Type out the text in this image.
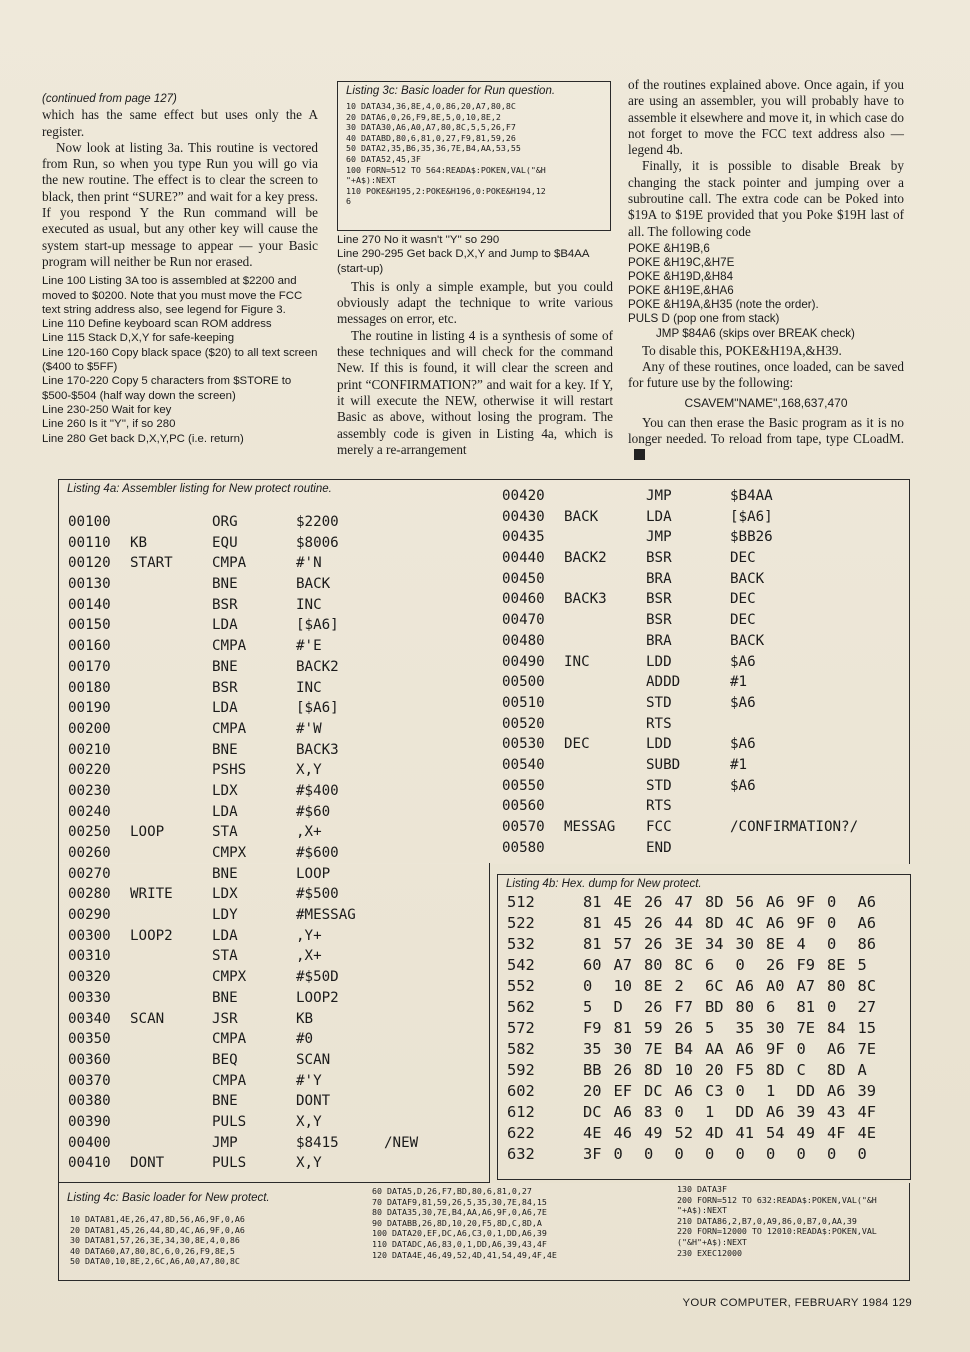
(continued from page 127)

which has the same effect but uses only the A register.

Now look at listing 3a. This routine is vectored from Run, so when you type Run you will go via the new routine. The effect is to clear the screen to black, then print “SURE?” and wait for a key press. If you respond Y the Run command will be executed as usual, but any other key will cause the system start-up message to appear — your Basic program will neither be Run nor erased.

Line 100 Listing 3A too is assembled at $2200 and moved to $0200. Note that you must move the FCC text string address also, see legend for Figure 3.
Line 110 Define keyboard scan ROM address
Line 115 Stack D,X,Y for safe-keeping
Line 120-160 Copy black space ($20) to all text screen ($400 to $5FF)
Line 170-220 Copy 5 characters from $STORE to $500-$504 (half way down the screen)
Line 230-250 Wait for key
Line 260 Is it ''Y'', if so 280
Line 280 Get back D,X,Y,PC (i.e. return)
Listing 3c: Basic loader for Run question.
10 DATA34,36,8E,4,0,86,20,A7,80,8C
20 DATA6,0,26,F9,8E,5,0,10,8E,2
30 DATA30,A6,A0,A7,80,8C,5,5,26,F7
40 DATABD,80,6,81,0,27,F9,81,59,26
50 DATA2,35,B6,35,36,7E,B4,AA,53,55
60 DATA52,45,3F
100 FORN=512 TO 564:READA$:POKEN,VAL("&H
"+A$):NEXT
110 POKE&H195,2:POKE&H196,0:POKE&H194,12
6
Line 270 No it wasn't ''Y'' so 290
Line 290-295 Get back D,X,Y and Jump to $B4AA (start-up)

This is only a simple example, but you could obviously adapt the technique to write various messages on error, etc.

The routine in listing 4 is a synthesis of some of these techniques and will check for the command New. If this is found, it will clear the screen and print “CONFIRMATION?” and wait for a key. If Y, it will execute the NEW, otherwise it will restart Basic as above, without losing the program. The assembly code is given in Listing 4a, which is merely a re-arrangement

of the routines explained above. Once again, if you are using an assembler, you will probably have to assemble it elsewhere and move it, in which case do not forget to move the FCC text address also — legend 4b.

Finally, it is possible to disable Break by changing the stack pointer and jumping over a subroutine call. The extra code can be Poked into $19A to $19E provided that you Poke $19H last of all. The following code

POKE &H19B,6
POKE &H19C,&H7E
POKE &H19D,&H84
POKE &H19E,&HA6
POKE &H19A,&H35 (note the order).
PULS D (pop one from stack)
JMP $84A6 (skips over BREAK check)

To disable this, POKE&H19A,&H39.

Any of these routines, once loaded, can be saved for future use by the following:

CSAVEM"NAME",168,637,470

You can then erase the Basic program as it is no longer needed. To reload from tape, type CLoadM.

Listing 4a: Assembler listing for New protect routine.
00100	ORG	$2200
00110 KB	EQU	$8006
00120 START	CMPA	#'N
00130	BNE	BACK
00140	BSR	INC
00150	LDA	[$A6]
00160	CMPA	#'E
00170	BNE	BACK2
00180	BSR	INC
00190	LDA	[$A6]
00200	CMPA	#'W
00210	BNE	BACK3
00220	PSHS	X,Y
00230	LDX	#$400
00240	LDA	#$60
00250 LOOP	STA	,X+
00260	CMPX	#$600
00270	BNE	LOOP
00280 WRITE	LDX	#$500
00290	LDY	#MESSAG
00300 LOOP2	LDA	,Y+
00310	STA	,X+
00320	CMPX	#$50D
00330	BNE	LOOP2
00340 SCAN	JSR	KB
00350	CMPA	#0
00360	BEQ	SCAN
00370	CMPA	#'Y
00380	BNE	DONT
00390	PULS	X,Y
00400	JMP	$8415	/NEW
00410 DONT	PULS	X,Y
00420	JMP	$B4AA
00430 BACK	LDA	[$A6]
00435	JMP	$BB26
00440 BACK2	BSR	DEC
00450	BRA	BACK
00460 BACK3	BSR	DEC
00470	BSR	DEC
00480	BRA	BACK
00490 INC	LDD	$A6
00500	ADDD	#1
00510	STD	$A6
00520	RTS
00530 DEC	LDD	$A6
00540	SUBD	#1
00550	STD	$A6
00560	RTS
00570 MESSAG FCC	/CONFIRMATION?/
00580	END
Listing 4b: Hex. dump for New protect.
512	81 4E 26 47 8D 56 A6 9F 0 A6
522	81 45 26 44 8D 4C A6 9F 0 A6
532	81 57 26 3E 34 30 8E 4 0 86
542	60 A7 80 8C 6 0 26 F9 8E 5
552	0 10 8E 2 6C A6 A0 A7 80 8C
562	5 D 26 F7 BD 80 6 81 0 27
572	F9 81 59 26 5 35 30 7E 84 15
582	35 30 7E B4 AA A6 9F 0 A6 7E
592	BB 26 8D 10 20 F5 8D C 8D A
602	20 EF DC A6 C3 0 1 DD A6 39
612	DC A6 83 0 1 DD A6 39 43 4F
622	4E 46 49 52 4D 41 54 49 4F 4E
632	3F 0 0 0 0 0 0 0 0 0
Listing 4c: Basic loader for New protect.
10 DATA81,4E,26,47,8D,56,A6,9F,0,A6
20 DATA81,45,26,44,8D,4C,A6,9F,0,A6
30 DATA81,57,26,3E,34,30,8E,4,0,86
40 DATA60,A7,80,8C,6,0,26,F9,8E,5
50 DATA0,10,8E,2,6C,A6,A0,A7,80,8C
60 DATA5,D,26,F7,BD,80,6,81,0,27
70 DATAF9,81,59,26,5,35,30,7E,84,15
80 DATA35,30,7E,B4,AA,A6,9F,0,A6,7E
90 DATABB,26,8D,10,20,F5,8D,C,8D,A
100 DATA20,EF,DC,A6,C3,0,1,DD,A6,39
110 DATADC,A6,83,0,1,DD,A6,39,43,4F
120 DATA4E,46,49,52,4D,41,54,49,4F,4E
130 DATA3F
200 FORN=512 TO 632:READA$:POKEN,VAL("&H
"+A$):NEXT
210 DATA86,2,B7,0,A9,86,0,B7,0,AA,39
220 FORN=12000 TO 12010:READA$:POKEN,VAL
("&H"+A$):NEXT
230 EXEC12000
YOUR COMPUTER, FEBRUARY 1984 129
